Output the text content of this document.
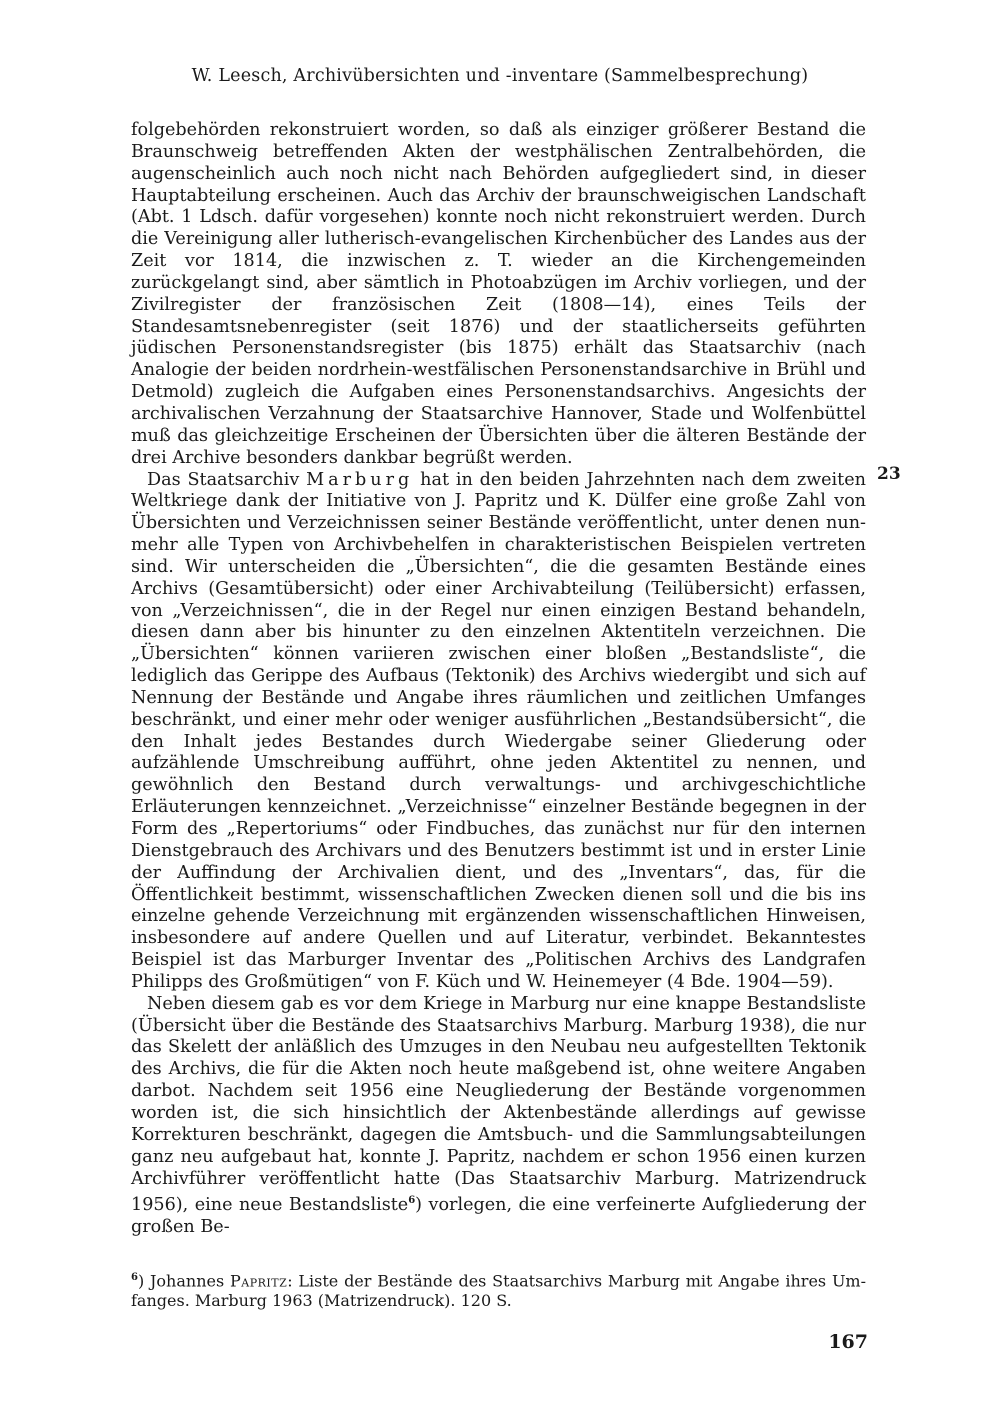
W. Leesch, Archivübersichten und -inventare (Sammelbesprechung)

folgebehörden rekonstruiert worden, so daß als einziger größerer Bestand die Braunschweig betreffenden Akten der westphälischen Zentralbehörden, die augenscheinlich auch noch nicht nach Behörden aufgegliedert sind, in dieser Hauptabteilung erscheinen. Auch das Archiv der braunschweigischen Landschaft (Abt. 1 Ldsch. dafür vorgesehen) konnte noch nicht rekonstruiert werden. Durch die Vereinigung aller lutherisch-evangelischen Kirchenbücher des Landes aus der Zeit vor 1814, die inzwischen z. T. wieder an die Kirchengemeinden zurückgelangt sind, aber sämtlich in Photoabzügen im Archiv vorliegen, und der Zivilregister der französischen Zeit (1808—14), eines Teils der Standesamtsnebenregister (seit 1876) und der staatlicherseits geführten jüdischen Personenstandsregister (bis 1875) erhält das Staatsarchiv (nach Analogie der beiden nordrhein-westfälischen Personenstandsarchive in Brühl und Detmold) zugleich die Aufgaben eines Personenstandsarchivs. Angesichts der archivalischen Verzahnung der Staatsarchive Hannover, Stade und Wolfenbüttel muß das gleichzeitige Erscheinen der Übersichten über die älteren Bestände der drei Archive besonders dankbar begrüßt werden.

Das Staatsarchiv Marburg hat in den beiden Jahrzehnten nach dem zweiten Weltkriege dank der Initiative von J. Papritz und K. Dülfer eine große Zahl von Übersichten und Verzeichnissen seiner Bestände veröffentlicht, unter denen nunmehr alle Typen von Archivbehelfen in charakteristischen Beispielen vertreten sind. Wir unterscheiden die „Übersichten“, die die gesamten Bestände eines Archivs (Gesamtübersicht) oder einer Archivabteilung (Teilübersicht) erfassen, von „Verzeichnissen“, die in der Regel nur einen einzigen Bestand behandeln, diesen dann aber bis hinunter zu den einzelnen Aktentiteln verzeichnen. Die „Übersichten“ können variieren zwischen einer bloßen „Bestandsliste“, die lediglich das Gerippe des Aufbaus (Tektonik) des Archivs wiedergibt und sich auf Nennung der Bestände und Angabe ihres räumlichen und zeitlichen Umfanges beschränkt, und einer mehr oder weniger ausführlichen „Bestandsübersicht“, die den Inhalt jedes Bestandes durch Wiedergabe seiner Gliederung oder aufzählende Umschreibung aufführt, ohne jeden Aktentitel zu nennen, und gewöhnlich den Bestand durch verwaltungs- und archivgeschichtliche Erläuterungen kennzeichnet. „Verzeichnisse“ einzelner Bestände begegnen in der Form des „Repertoriums“ oder Findbuches, das zunächst nur für den internen Dienstgebrauch des Archivars und des Benutzers bestimmt ist und in erster Linie der Auffindung der Archivalien dient, und des „Inventars“, das, für die Öffentlichkeit bestimmt, wissenschaftlichen Zwecken dienen soll und die bis ins einzelne gehende Verzeichnung mit ergänzenden wissenschaftlichen Hinweisen, insbesondere auf andere Quellen und auf Literatur, verbindet. Bekanntestes Beispiel ist das Marburger Inventar des „Politischen Archivs des Landgrafen Philipps des Großmütigen“ von F. Küch und W. Heinemeyer (4 Bde. 1904—59).

Neben diesem gab es vor dem Kriege in Marburg nur eine knappe Bestandsliste (Übersicht über die Bestände des Staatsarchivs Marburg. Marburg 1938), die nur das Skelett der anläßlich des Umzuges in den Neubau neu aufgestellten Tektonik des Archivs, die für die Akten noch heute maßgebend ist, ohne weitere Angaben darbot. Nachdem seit 1956 eine Neugliederung der Bestände vorgenommen worden ist, die sich hinsichtlich der Aktenbestände allerdings auf gewisse Korrekturen beschränkt, dagegen die Amtsbuch- und die Sammlungsabteilungen ganz neu aufgebaut hat, konnte J. Papritz, nachdem er schon 1956 einen kurzen Archivführer veröffentlicht hatte (Das Staatsarchiv Marburg. Matrizendruck 1956), eine neue Bestandsliste$^6$) vorlegen, die eine verfeinerte Aufgliederung der großen Be-

23
$^6$) Johannes Papritz: Liste der Bestände des Staatsarchivs Marburg mit Angabe ihres Umfanges. Marburg 1963 (Matrizendruck). 120 S.
167
